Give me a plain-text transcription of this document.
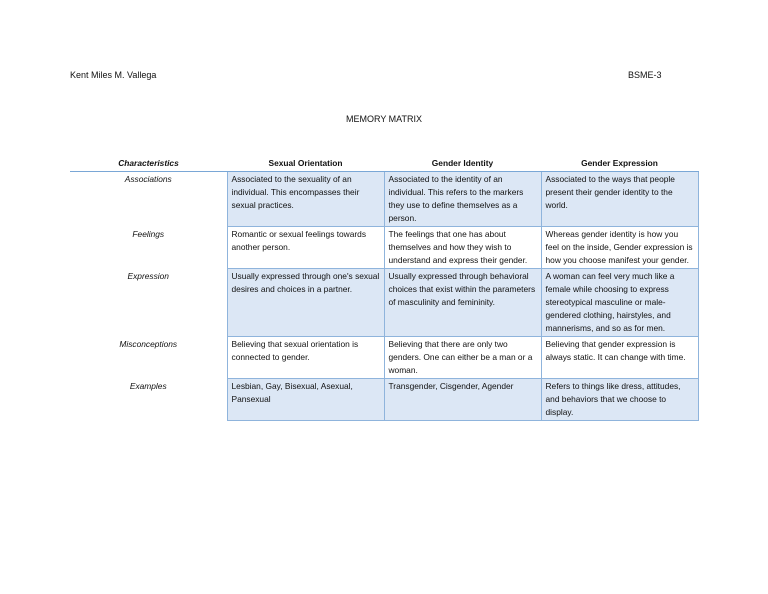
Kent Miles M. Vallega	BSME-3
MEMORY MATRIX
Characteristics	Sexual Orientation	Gender Identity	Gender Expression
Associations	Associated to the sexuality of an individual. This encompasses their sexual practices.	Associated to the identity of an individual. This refers to the markers they use to define themselves as a person.	Associated to the ways that people present their gender identity to the world.
Feelings	Romantic or sexual feelings towards another person.	The feelings that one has about themselves and how they wish to understand and express their gender.	Whereas gender identity is how you feel on the inside, Gender expression is how you choose manifest your gender.
Expression	Usually expressed through one's sexual desires and choices in a partner.	Usually expressed through behavioral choices that exist within the parameters of masculinity and femininity.	A woman can feel very much like a female while choosing to express stereotypical masculine or male-gendered clothing, hairstyles, and mannerisms, and so as for men.
Misconceptions	Believing that sexual orientation is connected to gender.	Believing that there are only two genders. One can either be a man or a woman.	Believing that gender expression is always static. It can change with time.
Examples	Lesbian, Gay, Bisexual, Asexual, Pansexual	Transgender, Cisgender, Agender	Refers to things like dress, attitudes, and behaviors that we choose to display.
